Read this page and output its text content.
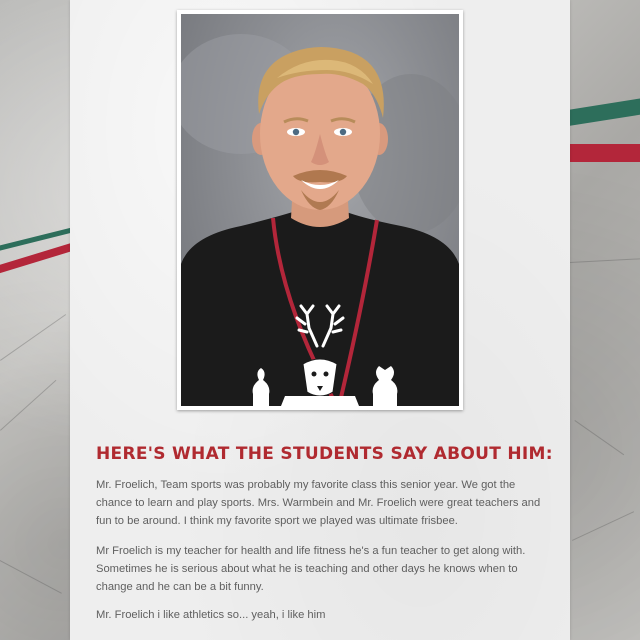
HERE'S WHAT THE STUDENTS SAY ABOUT HIM:

Mr. Froelich, Team sports was probably my favorite class this senior year. We got the chance to learn and play sports. Mrs. Warmbein and Mr. Froelich were great teachers and fun to be around. I think my favorite sport we played was ultimate frisbee.

Mr Froelich is my teacher for health and life fitness he's a fun teacher to get along with. Sometimes he is serious about what he is teaching and other days he knows when to change and he can be a bit funny.

Mr. Froelich i like athletics so... yeah, i like him
